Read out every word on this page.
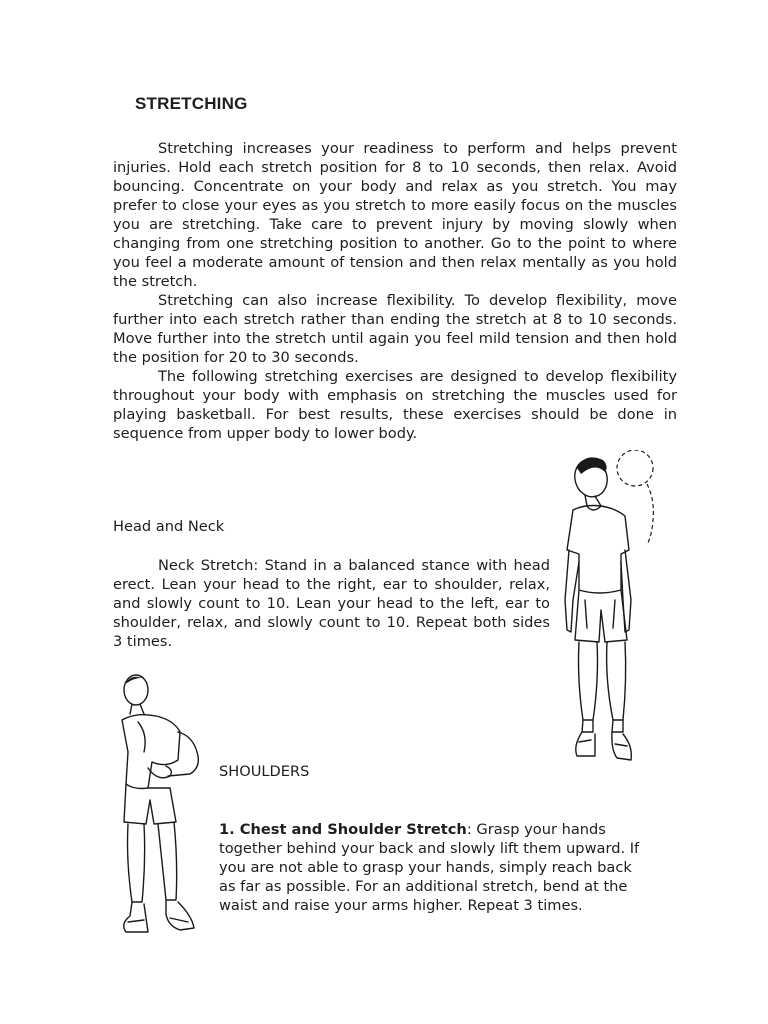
STRETCHING

Stretching increases your readiness to perform and helps prevent injuries. Hold each stretch position for 8 to 10 seconds, then relax. Avoid bouncing. Concentrate on your body and relax as you stretch. You may prefer to close your eyes as you stretch to more easily focus on the muscles you are stretching. Take care to prevent injury by moving slowly when changing from one stretching position to another. Go to the point to where you feel a moderate amount of tension and then relax mentally as you hold the stretch.

Stretching can also increase flexibility. To develop flexibility, move further into each stretch rather than ending the stretch at 8 to 10 seconds. Move further into the stretch until again you feel mild tension and then hold the position for 20 to 30 seconds.

The following stretching exercises are designed to develop flexibility throughout your body with emphasis on stretching the muscles used for playing basketball. For best results, these exercises should be done in sequence from upper body to lower body.

Head and Neck

Neck Stretch: Stand in a balanced stance with head erect. Lean your head to the right, ear to shoulder, relax, and slowly count to 10. Lean your head to the left, ear to shoulder, relax, and slowly count to 10. Repeat both sides 3 times.

SHOULDERS

1. Chest and Shoulder Stretch: Grasp your hands together behind your back and slowly lift them upward. If you are not able to grasp your hands, simply reach back as far as possible. For an additional stretch, bend at the waist and raise your arms higher. Repeat 3 times.
